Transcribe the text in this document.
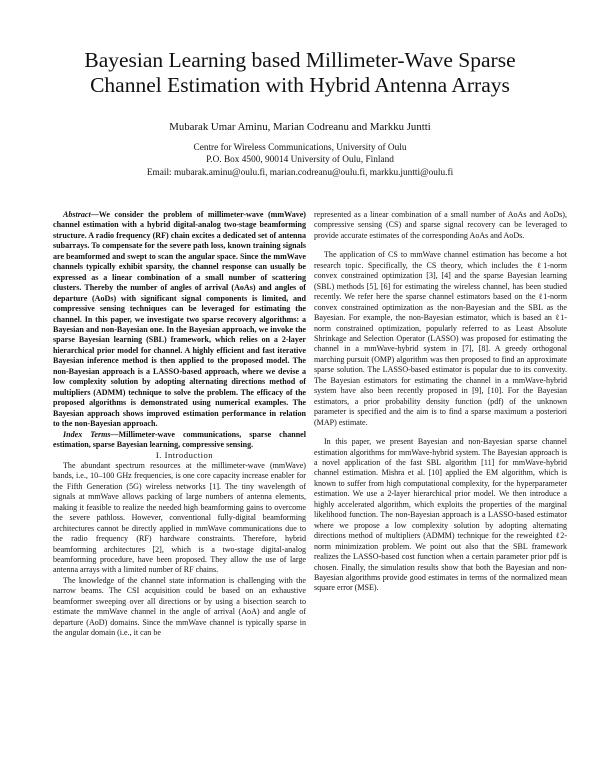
Bayesian Learning based Millimeter-Wave Sparse
Channel Estimation with Hybrid Antenna Arrays
Mubarak Umar Aminu, Marian Codreanu and Markku Juntti
Centre for Wireless Communications, University of Oulu
P.O. Box 4500, 90014 University of Oulu, Finland
Email: mubarak.aminu@oulu.fi, marian.codreanu@oulu.fi, markku.juntti@oulu.fi

Abstract—We consider the problem of millimeter-wave (mmWave) channel estimation with a hybrid digital-analog two-stage beamforming structure. A radio frequency (RF) chain excites a dedicated set of antenna subarrays. To compensate for the severe path loss, known training signals are beamformed and swept to scan the angular space. Since the mmWave channels typically exhibit sparsity, the channel response can usually be expressed as a linear combination of a small number of scattering clusters. Thereby the number of angles of arrival (AoAs) and angles of departure (AoDs) with significant signal components is limited, and compressive sensing techniques can be leveraged for estimating the channel. In this paper, we investigate two sparse recovery algorithms: a Bayesian and non-Bayesian one. In the Bayesian approach, we invoke the sparse Bayesian learning (SBL) framework, which relies on a 2-layer hierarchical prior model for channel. A highly efficient and fast iterative Bayesian inference method is then applied to the proposed model. The non-Bayesian approach is a LASSO-based approach, where we devise a low complexity solution by adopting alternating directions method of multipliers (ADMM) technique to solve the problem. The efficacy of the proposed algorithms is demonstrated using numerical examples. The Bayesian approach shows improved estimation performance in relation to the non-Bayesian approach.

Index Terms—Millimeter-wave communications, sparse channel estimation, sparse Bayesian learning, compressive sensing.

I. Introduction

The abundant spectrum resources at the millimeter-wave (mmWave) bands, i.e., 10–100 GHz frequencies, is one core capacity increase enabler for the Fifth Generation (5G) wireless networks [1]. The tiny wavelength of signals at mmWave allows packing of large numbers of antenna elements, making it feasible to realize the needed high beamforming gains to overcome the severe pathloss. However, conventional fully-digital beamforming architectures cannot be directly applied in mmWave communications due to the radio frequency (RF) hardware constraints. Therefore, hybrid beamforming architectures [2], which is a two-stage digital-analog beamforming procedure, have been proposed. They allow the use of large antenna arrays with a limited number of RF chains.

The knowledge of the channel state information is challenging with the narrow beams. The CSI acquisition could be based on an exhaustive beamformer sweeping over all directions or by using a bisection search to estimate the mmWave channel in the angle of arrival (AoA) and angle of departure (AoD) domains. Since the mmWave channel is typically sparse in the angular domain (i.e., it can be

represented as a linear combination of a small number of AoAs and AoDs), compressive sensing (CS) and sparse signal recovery can be leveraged to provide accurate estimates of the corresponding AoAs and AoDs.

The application of CS to mmWave channel estimation has become a hot research topic. Specifically, the CS theory, which includes the ℓ1-norm convex constrained optimization [3], [4] and the sparse Bayesian learning (SBL) methods [5], [6] for estimating the wireless channel, has been studied recently. We refer here the sparse channel estimators based on the ℓ1-norm convex constrained optimization as the non-Bayesian and the SBL as the Bayesian. For example, the non-Bayesian estimator, which is based an ℓ1-norm constrained optimization, popularly referred to as Least Absolute Shrinkage and Selection Operator (LASSO) was proposed for estimating the channel in a mmWave-hybrid system in [7], [8]. A greedy orthogonal marching pursuit (OMP) algorithm was then proposed to find an approximate sparse solution. The LASSO-based estimator is popular due to its convexity. The Bayesian estimators for estimating the channel in a mmWave-hybrid system have also been recently proposed in [9], [10]. For the Bayesian estimators, a prior probability density function (pdf) of the unknown parameter is specified and the aim is to find a sparse maximum a posteriori (MAP) estimate.

In this paper, we present Bayesian and non-Bayesian sparse channel estimation algorithms for mmWave-hybrid system. The Bayesian approach is a novel application of the fast SBL algorithm [11] for mmWave-hybrid channel estimation. Mishra et al. [10] applied the EM algorithm, which is known to suffer from high computational complexity, for the hyperparameter estimation. We use a 2-layer hierarchical prior model. We then introduce a highly accelerated algorithm, which exploits the properties of the marginal likelihood function. The non-Bayesian approach is a LASSO-based estimator where we propose a low complexity solution by adopting alternating directions method of multipliers (ADMM) technique for the reweighted ℓ2-norm minimization problem. We point out also that the SBL framework realizes the LASSO-based cost function when a certain parameter prior pdf is chosen. Finally, the simulation results show that both the Bayesian and non-Bayesian algorithms provide good estimates in terms of the normalized mean square error (MSE).
